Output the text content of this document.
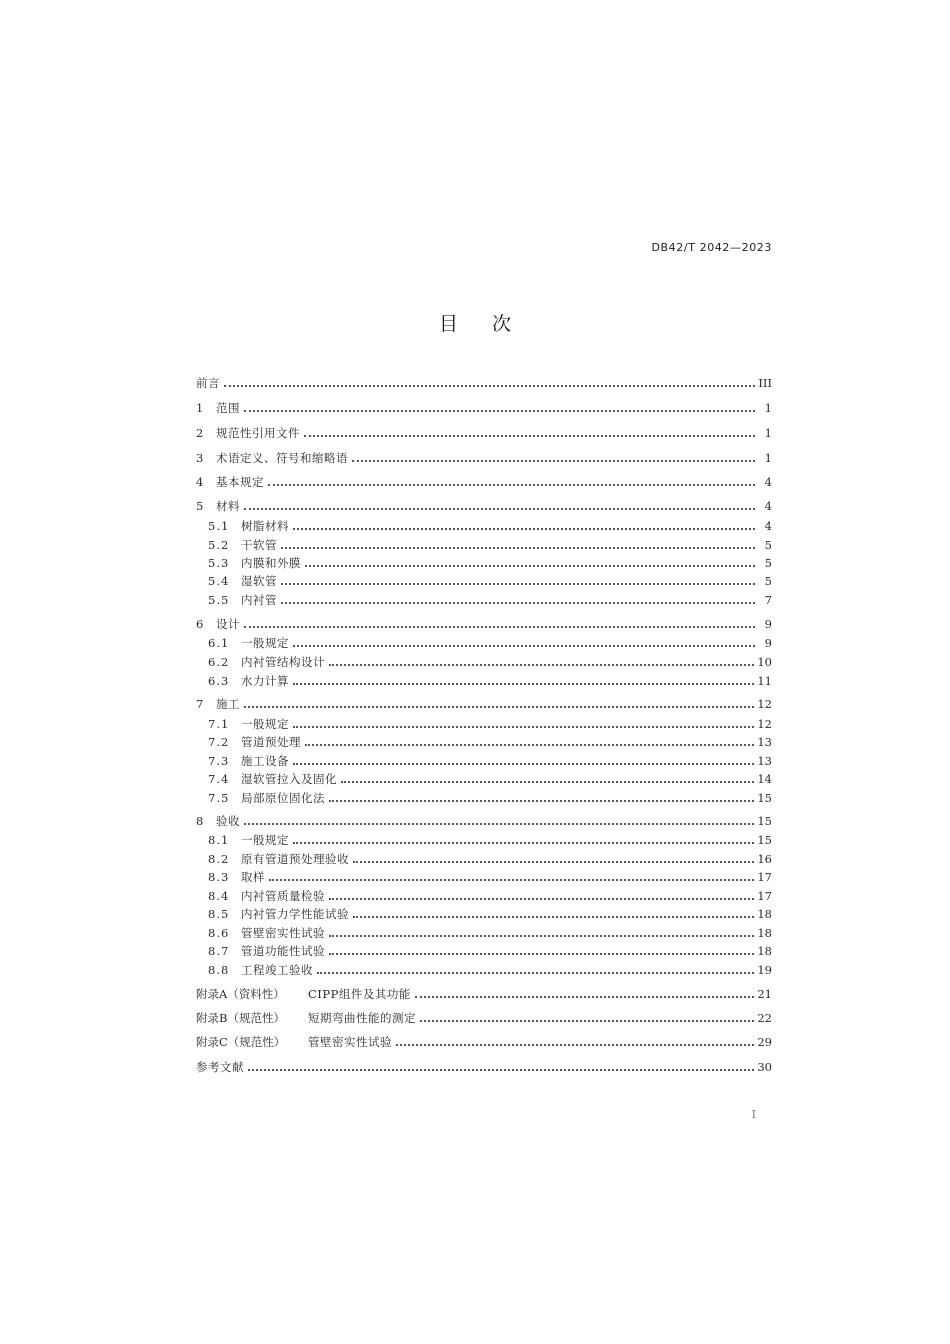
DB42/T 2042—2023
目 次
前言	III
1	范围	1
2	规范性引用文件	1
3	术语定义、符号和缩略语	1
4	基本规定	4
5	材料	4
5.1	树脂材料	4
5.2	干软管	5
5.3	内膜和外膜	5
5.4	湿软管	5
5.5	内衬管	7
6	设计	9
6.1	一般规定	9
6.2	内衬管结构设计	10
6.3	水力计算	11
7	施工	12
7.1	一般规定	12
7.2	管道预处理	13
7.3	施工设备	13
7.4	湿软管拉入及固化	14
7.5	局部原位固化法	15
8	验收	15
8.1	一般规定	15
8.2	原有管道预处理验收	16
8.3	取样	17
8.4	内衬管质量检验	17
8.5	内衬管力学性能试验	18
8.6	管壁密实性试验	18
8.7	管道功能性试验	18
8.8	工程竣工验收	19
附录A（资料性）	CIPP组件及其功能	21
附录B（规范性）	短期弯曲性能的测定	22
附录C（规范性）	管壁密实性试验	29
参考文献	30
I
